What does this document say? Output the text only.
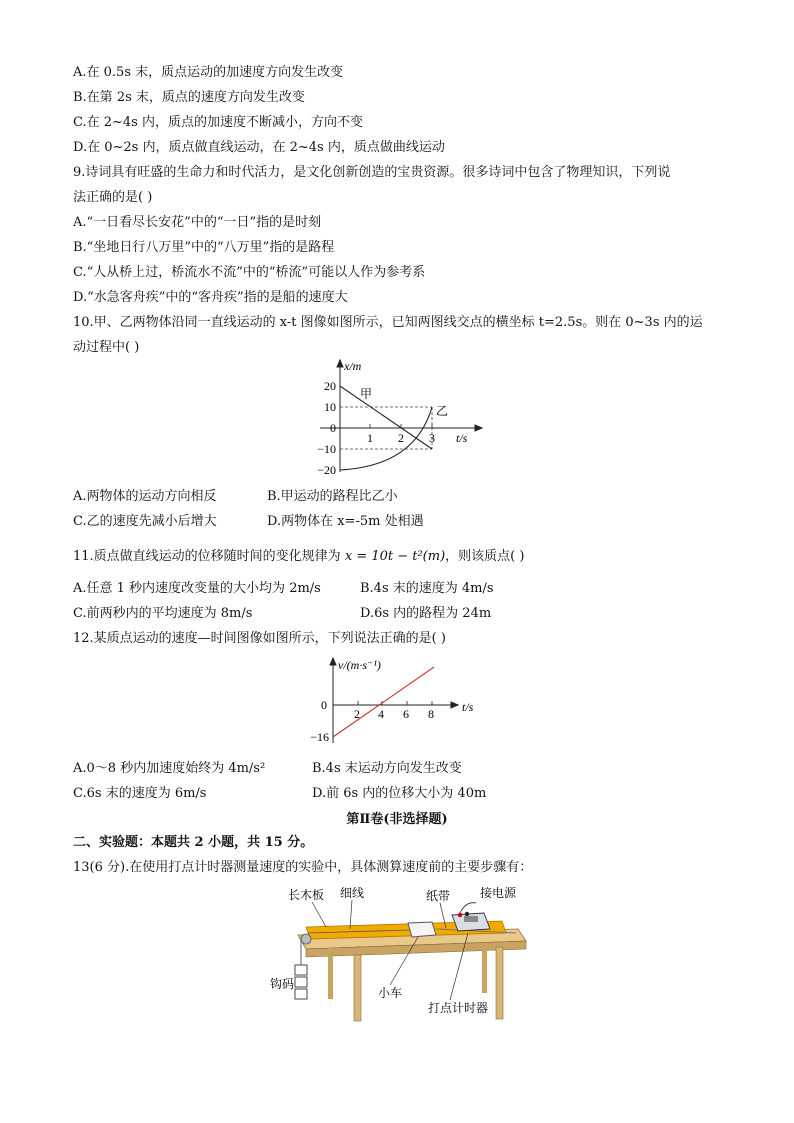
A.在 0.5s 末，质点运动的加速度方向发生改变
B.在第 2s 末，质点的速度方向发生改变
C.在 2~4s 内，质点的加速度不断减小，方向不变
D.在 0~2s 内，质点做直线运动，在 2~4s 内，质点做曲线运动
9.诗词具有旺盛的生命力和时代活力，是文化创新创造的宝贵资源。很多诗词中包含了物理知识，下列说
法正确的是( )
A.“一日看尽长安花”中的“一日”指的是时刻
B.“坐地日行八万里”中的“八万里”指的是路程
C.“人从桥上过，桥流水不流”中的“桥流”可能以人作为参考系
D.“水急客舟疾”中的“客舟疾”指的是船的速度大
10.甲、乙两物体沿同一直线运动的 x-t 图像如图所示，已知两图线交点的横坐标 t=2.5s。则在 0~3s 内的运
动过程中( )
x/m
t/s
20
10
0
−10
−20
1 2 3
甲
乙
A.两物体的运动方向相反	B.甲运动的路程比乙小
C.乙的速度先减小后增大	D.两物体在 x=-5m 处相遇
11.质点做直线运动的位移随时间的变化规律为 x = 10t − t²(m)，则该质点( )
A.任意 1 秒内速度改变量的大小均为 2m/s	B.4s 末的速度为 4m/s
C.前两秒内的平均速度为 8m/s	D.6s 内的路程为 24m
12.某质点运动的速度—时间图像如图所示，下列说法正确的是( )
v/(m·s⁻¹)
t/s
0
−16
2 4 6 8
A.0～8 秒内加速度始终为 4m/s²	B.4s 末运动方向发生改变
C.6s 末的速度为 6m/s	D.前 6s 内的位移大小为 40m
第Ⅱ卷(非选择题)
二、实验题：本题共 2 小题，共 15 分。
13(6 分).在使用打点计时器测量速度的实验中，具体测算速度前的主要步骤有：
长木板 细线	纸带 接电源
钩码
小车
打点计时器
